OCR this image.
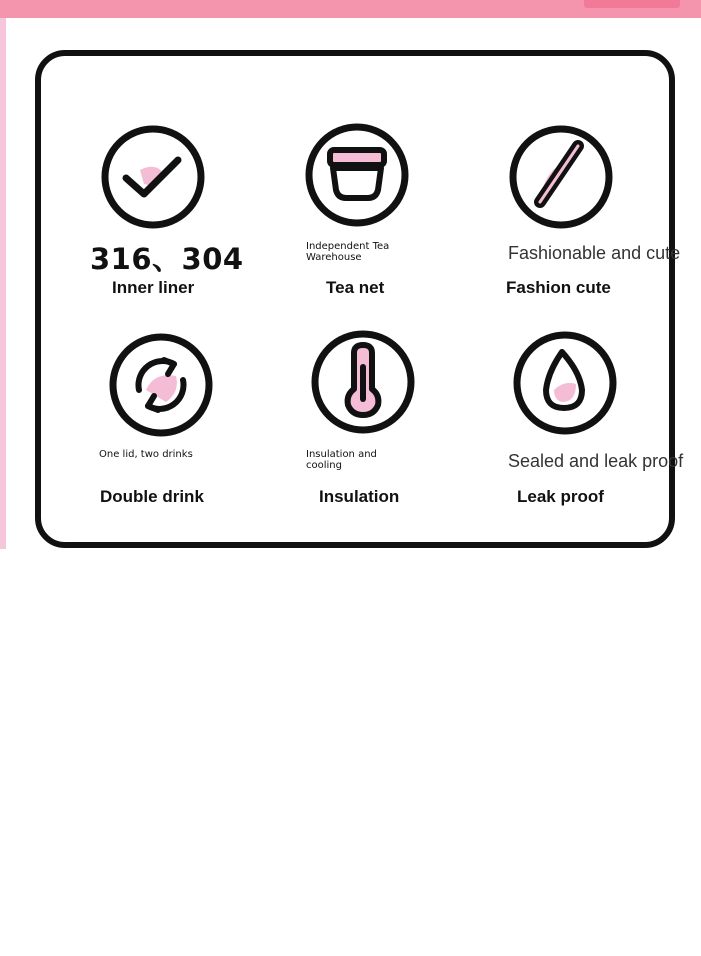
316、304
Inner liner
Independent Tea Warehouse
Tea net
Fashionable and cute
Fashion cute
One lid, two drinks
Double drink
Insulation and cooling
Insulation
Sealed and leak proof
Leak proof
